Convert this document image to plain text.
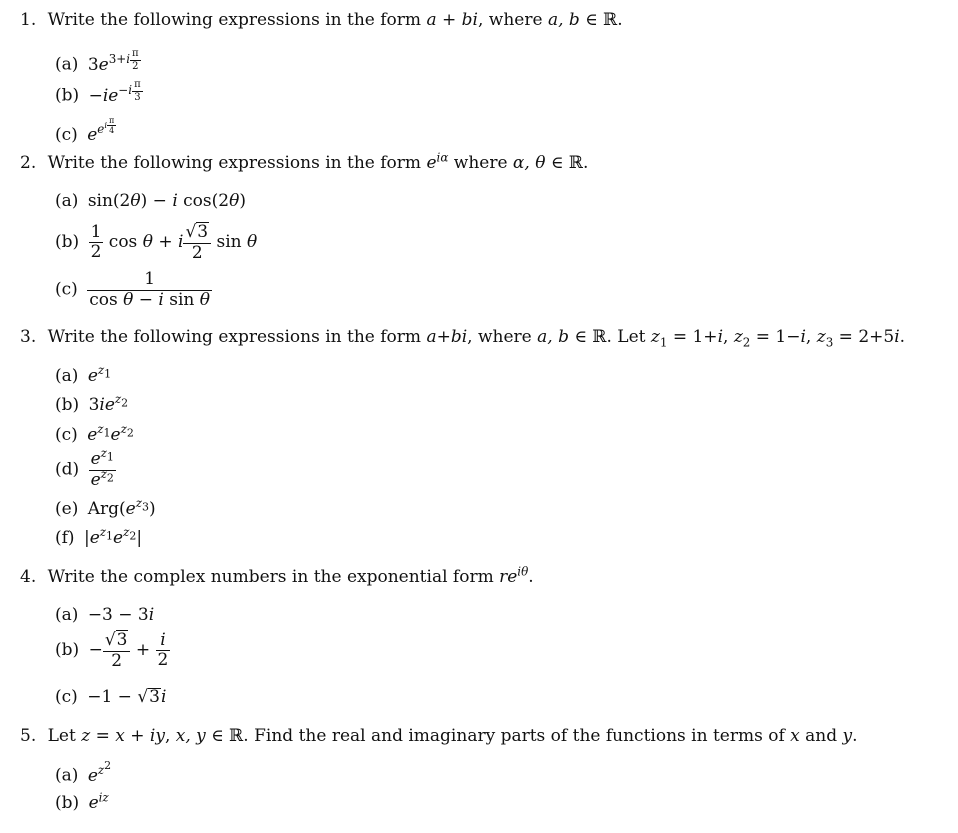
1. Write the following expressions in the form a + bi, where a, b ∈ ℝ.
(a) $3e^{3+i \frac{\pi}{2}}$
$(b) -ie^{-i \frac{\pi}{3}}$
(c) $e^{e^{i \frac{\pi}{4}}}$
2. Write the following expressions in the form $e^{i\alpha}$ where α, θ ∈ ℝ.
(a) sin(2θ) − i cos(2θ)
$(b) \frac{1}{2}$ cos θ + i $\frac{√3}{2}$ sin θ
$(c) \frac{1}{\text{cos θ − i sin θ}}$
3. Write the following expressions in the form a+bi, where a, b ∈ ℝ. Let $z_1 = 1+i$, $z_2 = 1-i$, $z_3 = 2+5i$.
(a) $e^{z_1}$
(b) $3ie^{z_2}$
(c) $e^{z_1}e^{z_2}$
$(d) \frac{e^{z_1}}{e^{z_2}}$
(e) $Arg(e^{z_3})$
(f) $|e^{z_1}e^{z_2}|$
4. Write the complex numbers in the exponential form $re^{i\theta}$.
(a) −3 − 3i
$(b) - \frac{√3}{2} + \frac{i}{2}$
(c) −1 − √3i
5. Let z = x + iy, x, y ∈ ℝ. Find the real and imaginary parts of the functions in terms of x and y.
(a) $e^{z^2}$
(b) $e^{iz}$
